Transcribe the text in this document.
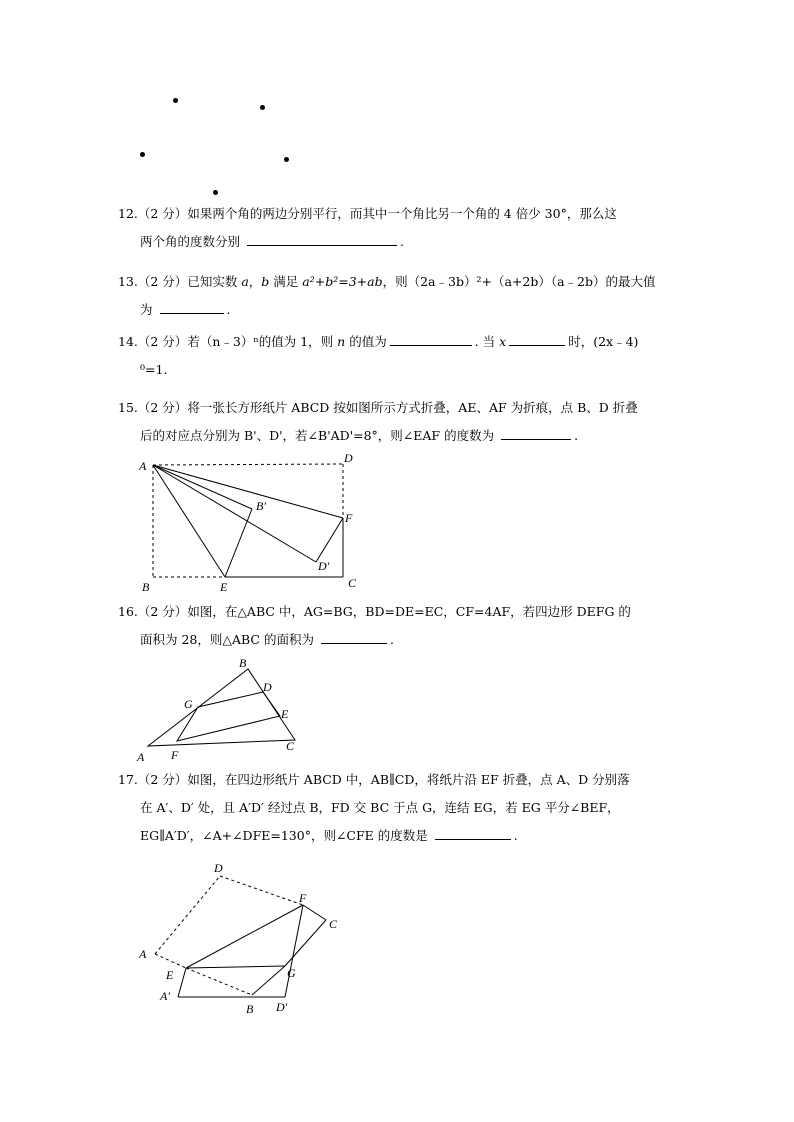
12.（2 分）如果两个角的两边分别平行，而其中一个角比另一个角的 4 倍少 30°，那么这
两个角的度数分别	.
13.（2 分）已知实数 a，b 满足 a²+b²=3+ab，则（2a﹣3b）²+（a+2b）（a﹣2b）的最大值
为	.
14.（2 分）若（n﹣3）ⁿ的值为 1，则 n 的值为	. 当 x	时，(2x﹣4)
⁰=1.
15.（2 分）将一张长方形纸片 ABCD 按如图所示方式折叠，AE、AF 为折痕，点 B、D 折叠
后的对应点分别为 B'、D'，若∠B'AD'=8°，则∠EAF 的度数为	.
A
D
B′
F
D′
B	E	C
16.（2 分）如图，在△ABC 中，AG=BG，BD=DE=EC，CF=4AF，若四边形 DEFG 的
面积为 28，则△ABC 的面积为	.
A
B
D
G
E
F
C
17.（2 分）如图，在四边形纸片 ABCD 中，AB∥CD，将纸片沿 EF 折叠，点 A、D 分别落
在 A′、D′ 处，且 A′D′ 经过点 B，FD 交 BC 于点 G，连结 EG，若 EG 平分∠BEF，
EG∥A′D′，∠A+∠DFE=130°，则∠CFE 的度数是	.
D
F
C
A
E	G
A′
B D′
